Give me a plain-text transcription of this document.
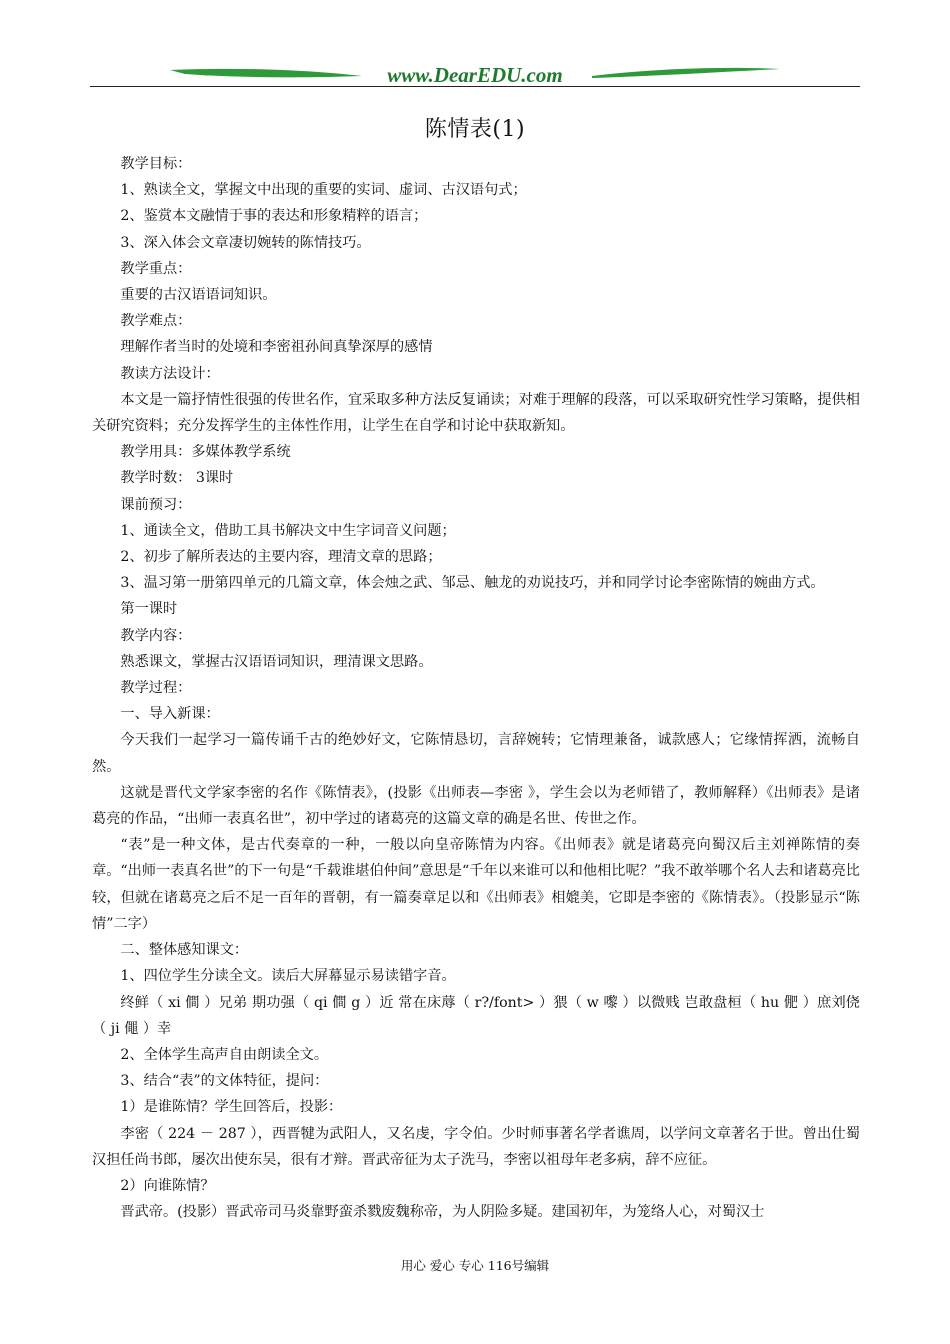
www.DearEDU.com
陈情表(1)

教学目标：

1、熟读全文，掌握文中出现的重要的实词、虚词、古汉语句式；

2、鉴赏本文融情于事的表达和形象精粹的语言；

3、深入体会文章凄切婉转的陈情技巧。

教学重点：

重要的古汉语语词知识。

教学难点：

理解作者当时的处境和李密祖孙间真挚深厚的感情

教读方法设计：

本文是一篇抒情性很强的传世名作，宜采取多种方法反复诵读；对难于理解的段落，可以采取研究性学习策略，提供相关研究资料；充分发挥学生的主体性作用，让学生在自学和讨论中获取新知。

教学用具：多媒体教学系统

教学时数： 3课时

课前预习：

1、通读全文，借助工具书解决文中生字词音义问题；

2、初步了解所表达的主要内容，理清文章的思路；

3、温习第一册第四单元的几篇文章，体会烛之武、邹忌、触龙的劝说技巧，并和同学讨论李密陈情的婉曲方式。

第一课时

教学内容：

熟悉课文，掌握古汉语语词知识，理清课文思路。

教学过程：

一、导入新课：

今天我们一起学习一篇传诵千古的绝妙好文，它陈情恳切，言辞婉转；它情理兼备，诚款感人；它缘情挥洒，流畅自然。

这就是晋代文学家李密的名作《陈情表》，(投影《出师表—李密 》，学生会以为老师错了，教师解释）《出师表》是诸葛亮的作品，“出师一表真名世”，初中学过的诸葛亮的这篇文章的确是名世、传世之作。

“表”是一种文体，是古代奏章的一种，一般以向皇帝陈情为内容。《出师表》就是诸葛亮向蜀汉后主刘禅陈情的奏章。“出师一表真名世”的下一句是“千载谁堪伯仲间”意思是“千年以来谁可以和他相比呢？”我不敢举哪个名人去和诸葛亮比较，但就在诸葛亮之后不足一百年的晋朝，有一篇奏章足以和《出师表》相媲美，它即是李密的《陈情表》。（投影显示“陈情”二字）

二、整体感知课文：

1、四位学生分读全文。读后大屏幕显示易读错字音。

终鲜（ xi 僴 ）兄弟 期功强（ qi 僴 g ）近 常在床蓐（ r?/font> ）猥（ w 嚟 ）以微贱 岂敢盘桓（ hu 俷 ）庶刘侥（ ji 僶 ）幸

2、全体学生高声自由朗读全文。

3、结合“表”的文体特征，提问：

1）是谁陈情？学生回答后，投影：

李密（ 224 － 287 ），西晋犍为武阳人，又名虔，字令伯。少时师事著名学者谯周，以学问文章著名于世。曾出仕蜀汉担任尚书郎，屡次出使东吴，很有才辩。晋武帝征为太子洗马，李密以祖母年老多病，辞不应征。

2）向谁陈情？

晋武帝。(投影）晋武帝司马炎靠野蛮杀戮废魏称帝，为人阴险多疑。建国初年，为笼络人心，对蜀汉士

用心 爱心 专心 116号编辑
